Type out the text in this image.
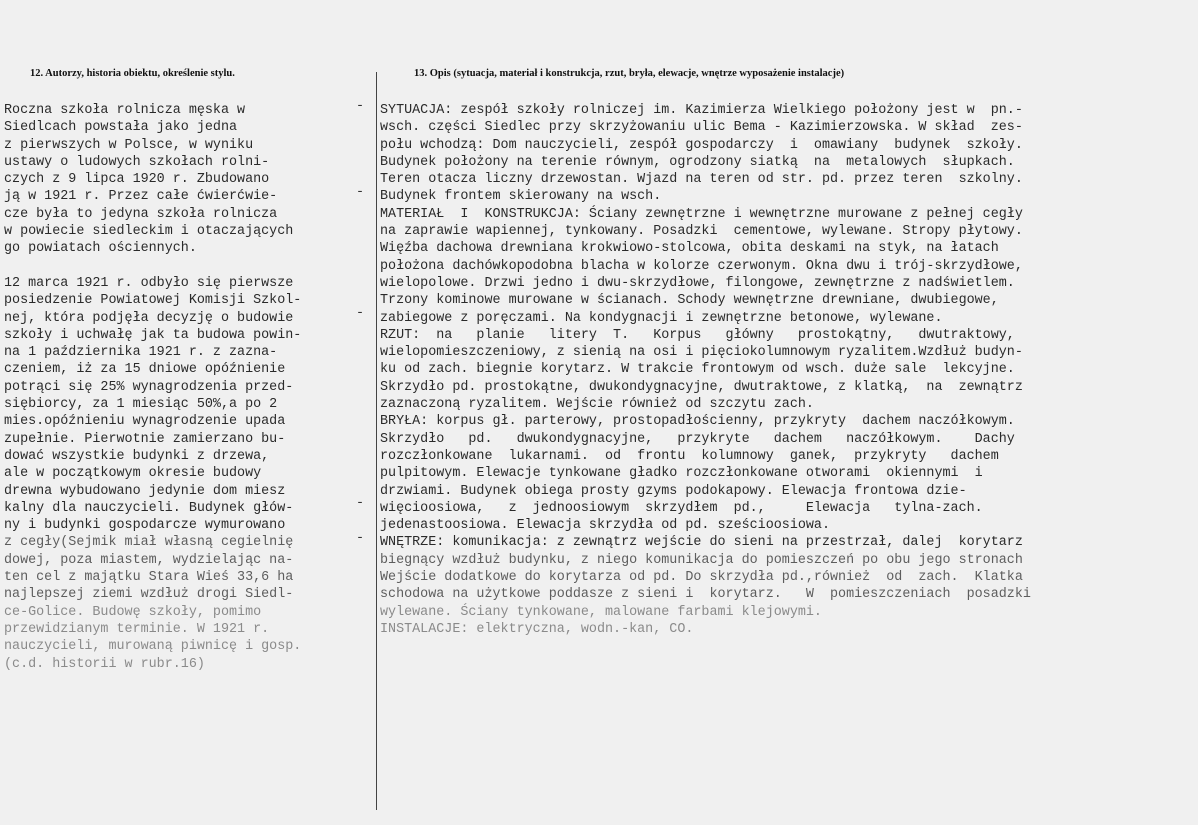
12. Autorzy, historia obiektu, określenie stylu.	13. Opis (sytuacja, materiał i konstrukcja, rzut, bryła, elewacje, wnętrze wyposażenie instalacje)
-
-
-
-
-
Roczna szkoła rolnicza męska w
Siedlcach powstała jako jedna
z pierwszych w Polsce, w wyniku
ustawy o ludowych szkołach rolni-
czych z 9 lipca 1920 r. Zbudowano
ją w 1921 r. Przez całe ćwierćwie-
cze była to jedyna szkoła rolnicza
w powiecie siedleckim i otaczających
go powiatach ościennych.
12 marca 1921 r. odbyło się pierwsze
posiedzenie Powiatowej Komisji Szkol-
nej, która podjęła decyzję o budowie
szkoły i uchwałę jak ta budowa powin-
na 1 października 1921 r. z zazna-
czeniem, iż za 15 dniowe opóźnienie
potrąci się 25% wynagrodzenia przed-
siębiorcy, za 1 miesiąc 50%,a po 2
mies.opóźnieniu wynagrodzenie upada
zupełnie. Pierwotnie zamierzano bu-
dować wszystkie budynki z drzewa,
ale w początkowym okresie budowy
drewna wybudowano jedynie dom miesz
kalny dla nauczycieli. Budynek głów-
ny i budynki gospodarcze wymurowano
z cegły(Sejmik miał własną cegielnię
dowej, poza miastem, wydzielając na-
ten cel z majątku Stara Wieś 33,6 ha
najlepszej ziemi wzdłuż drogi Siedl-
ce-Golice. Budowę szkoły, pomimo
przewidzianym terminie. W 1921 r.
nauczycieli, murowaną piwnicę i gosp.
(c.d. historii w rubr.16)
SYTUACJA: zespół szkoły rolniczej im. Kazimierza Wielkiego położony jest w  pn.-
wsch. części Siedlec przy skrzyżowaniu ulic Bema - Kazimierzowska. W skład  zes-
połu wchodzą: Dom nauczycieli, zespół gospodarczy  i  omawiany  budynek  szkoły.
Budynek położony na terenie równym, ogrodzony siatką  na  metalowych  słupkach.
Teren otacza liczny drzewostan. Wjazd na teren od str. pd. przez teren  szkolny.
Budynek frontem skierowany na wsch.
MATERIAŁ  I  KONSTRUKCJA: Ściany zewnętrzne i wewnętrzne murowane z pełnej cegły
na zaprawie wapiennej, tynkowany. Posadzki  cementowe, wylewane. Stropy płytowy.
Więźba dachowa drewniana krokwiowo-stolcowa, obita deskami na styk, na łatach
położona dachówkopodobna blacha w kolorze czerwonym. Okna dwu i trój-skrzydłowe,
wielopolowe. Drzwi jedno i dwu-skrzydłowe, filongowe, zewnętrzne z nadświetlem.
Trzony kominowe murowane w ścianach. Schody wewnętrzne drewniane, dwubiegowe,
zabiegowe z poręczami. Na kondygnacji i zewnętrzne betonowe, wylewane.
RZUT:  na   planie   litery  T.   Korpus   główny   prostokątny,   dwutraktowy,
wielopomieszczeniowy, z sienią na osi i pięciokolumnowym ryzalitem.Wzdłuż budyn-
ku od zach. biegnie korytarz. W trakcie frontowym od wsch. duże sale  lekcyjne.
Skrzydło pd. prostokątne, dwukondygnacyjne, dwutraktowe, z klatką,  na  zewnątrz
zaznaczoną ryzalitem. Wejście również od szczytu zach.
BRYŁA: korpus gł. parterowy, prostopadłościenny, przykryty  dachem naczółkowym.
Skrzydło   pd.   dwukondygnacyjne,   przykryte   dachem   naczółkowym.    Dachy
rozczłonkowane  lukarnami.  od  frontu  kolumnowy  ganek,  przykryty   dachem
pulpitowym. Elewacje tynkowane gładko rozczłonkowane otworami  okiennymi  i
drzwiami. Budynek obiega prosty gzyms podokapowy. Elewacja frontowa dzie-
więcioosiowa,   z  jednoosiowym  skrzydłem  pd.,     Elewacja   tylna-zach.
jedenastoosiowa. Elewacja skrzydła od pd. sześcioosiowa.
WNĘTRZE: komunikacja: z zewnątrz wejście do sieni na przestrzał, dalej  korytarz
biegnący wzdłuż budynku, z niego komunikacja do pomieszczeń po obu jego stronach
Wejście dodatkowe do korytarza od pd. Do skrzydła pd.,również  od  zach.  Klatka
schodowa na użytkowe poddasze z sieni i  korytarz.   W  pomieszczeniach  posadzki
wylewane. Ściany tynkowane, malowane farbami klejowymi.
INSTALACJE: elektryczna, wodn.-kan, CO.
